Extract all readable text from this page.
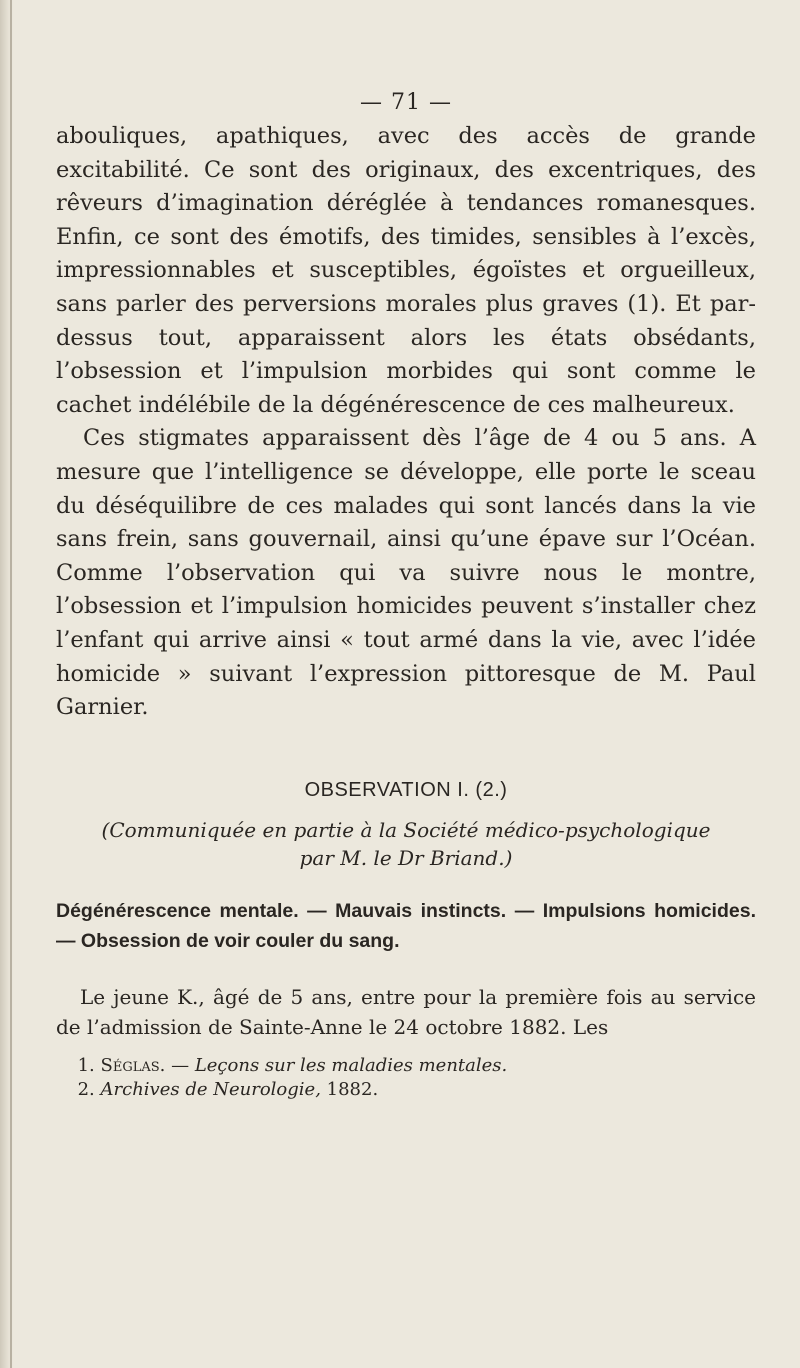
— 71 —

abouliques, apathiques, avec des accès de grande excitabilité. Ce sont des originaux, des excentriques, des rêveurs d’imagination déréglée à tendances romanesques. Enfin, ce sont des émotifs, des timides, sensibles à l’excès, impressionnables et susceptibles, égoïstes et orgueilleux, sans parler des perversions morales plus graves (1). Et par-dessus tout, apparaissent alors les états obsédants, l’obsession et l’impulsion morbides qui sont comme le cachet indélébile de la dégénérescence de ces malheureux.

Ces stigmates apparaissent dès l’âge de 4 ou 5 ans. A mesure que l’intelligence se développe, elle porte le sceau du déséquilibre de ces malades qui sont lancés dans la vie sans frein, sans gouvernail, ainsi qu’une épave sur l’Océan. Comme l’observation qui va suivre nous le montre, l’obsession et l’impulsion homicides peuvent s’installer chez l’enfant qui arrive ainsi « tout armé dans la vie, avec l’idée homicide » suivant l’expression pittoresque de M. Paul Garnier.

OBSERVATION I. (2.)
(Communiquée en partie à la Société médico-psychologique
par M. le Dr Briand.)

Dégénérescence mentale. — Mauvais instincts. — Impulsions homicides. — Obsession de voir couler du sang.

Le jeune K., âgé de 5 ans, entre pour la première fois au service de l’admission de Sainte-Anne le 24 octobre 1882. Les

1. Séglas. — Leçons sur les maladies mentales.
2. Archives de Neurologie, 1882.
